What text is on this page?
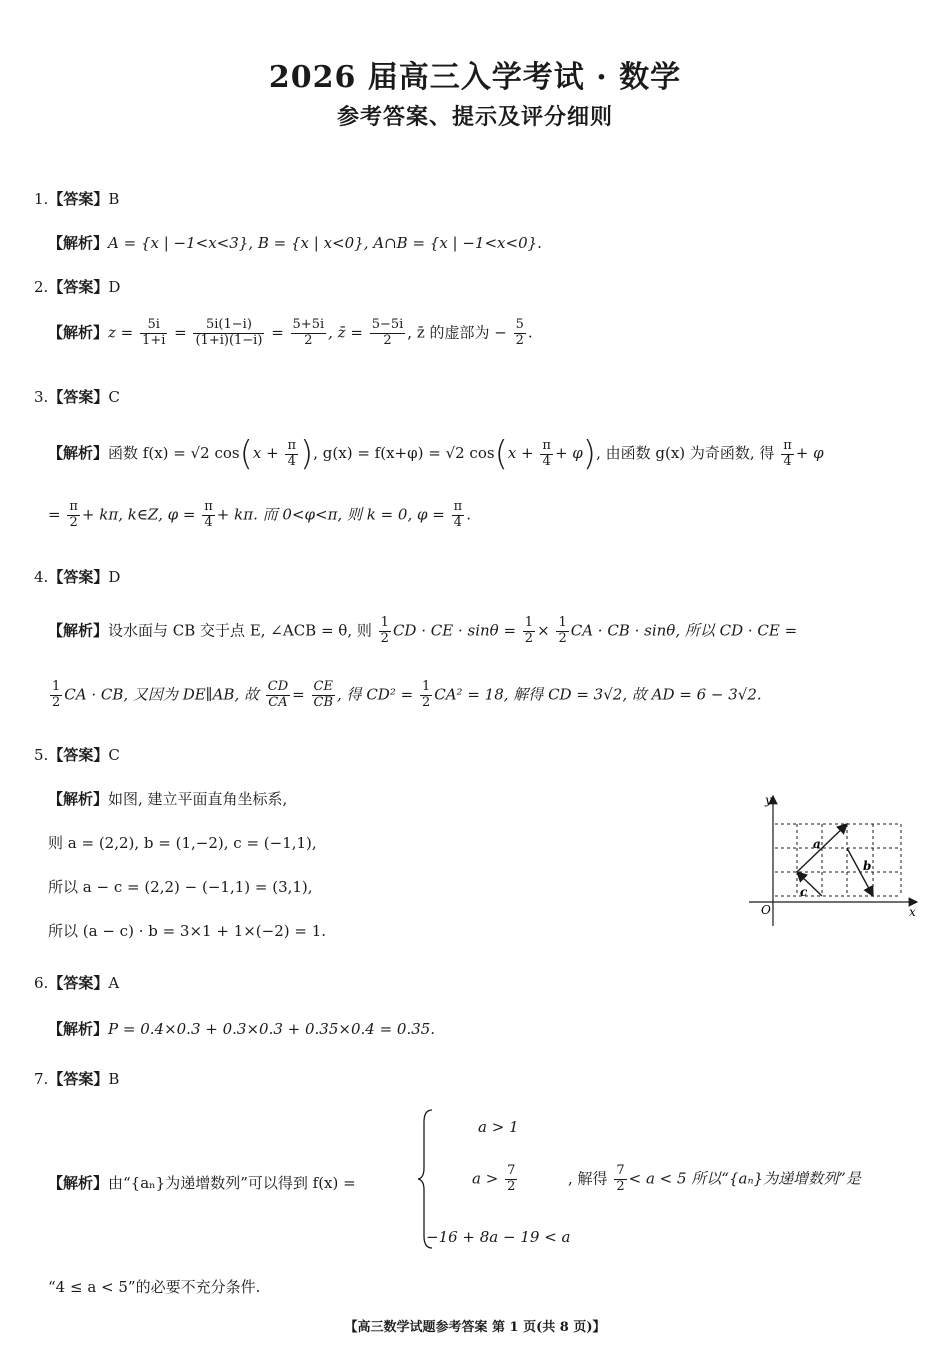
2026 届高三入学考试 · 数学
参考答案、提示及评分细则
1.【答案】B
【解析】A = {x | −1<x<3}, B = {x | x<0}, A∩B = {x | −1<x<0}.
2.【答案】D
【解析】$z = \frac{5i}{1+i} = \frac{5i(1-i)}{(1+i)(1-i)} = \frac{5+5i}{2}$ , z̄ = $\frac{5-5i}{2}$ , z̄ 的虚部为 − $\frac{5}{2}$ .
3.【答案】C
【解析】函数 f(x) = √2 $\cos(x + \frac{\pi}{4}$ ), g(x) = f(x+φ) = √2 $\cos(x + \frac{\pi}{4} + \varphi)$, 由函数 g(x) 为奇函数, 得 $\frac{\pi}{4} + \varphi$
= $\frac{\pi}{2} + k\pi$, k∈Z, $\varphi = \frac{\pi}{4} + k\pi$. 而 0<φ<π, 则 k = 0, $\varphi = \frac{\pi}{4}$ .
4.【答案】D
【解析】设水面与 CB 交于点 E, ∠ACB = θ, 则 $\frac{1}{2}$ CD · CE · $\sin\theta = \frac{1}{2} \times \frac{1}{2}$ CA · CB · sinθ, 所以 CD · CE =
$\frac{1}{2}$ CA · CB, 又因为 DE∥AB, 故 $\frac{CD}{CA} = \frac{CE}{CB}$ , 得 $CD^2 = \frac{1}{2} CA^2 = 18$, 解得 CD = 3√2, 故 AD = 6 − 3√2.
5.【答案】C
【解析】如图, 建立平面直角坐标系,
则 a = (2,2), b = (1,−2), c = (−1,1),
所以 a − c = (2,2) − (−1,1) = (3,1),
所以 (a − c) · b = 3×1 + 1×(−2) = 1.
y
x
O
a
b
c
6.【答案】A
【解析】P = 0.4×0.3 + 0.3×0.3 + 0.35×0.4 = 0.35.
7.【答案】B
【解析】由“{aₙ}为递增数列”可以得到 f(x) =
a > 1
$a > \frac{7}{2}$
−16 + 8a − 19 < a
, 解得 $\frac{7}{2} < a < 5$ 所以“{aₙ}为递增数列”是
“4 ≤ a < 5”的必要不充分条件.
【高三数学试题参考答案 第 1 页(共 8 页)】
